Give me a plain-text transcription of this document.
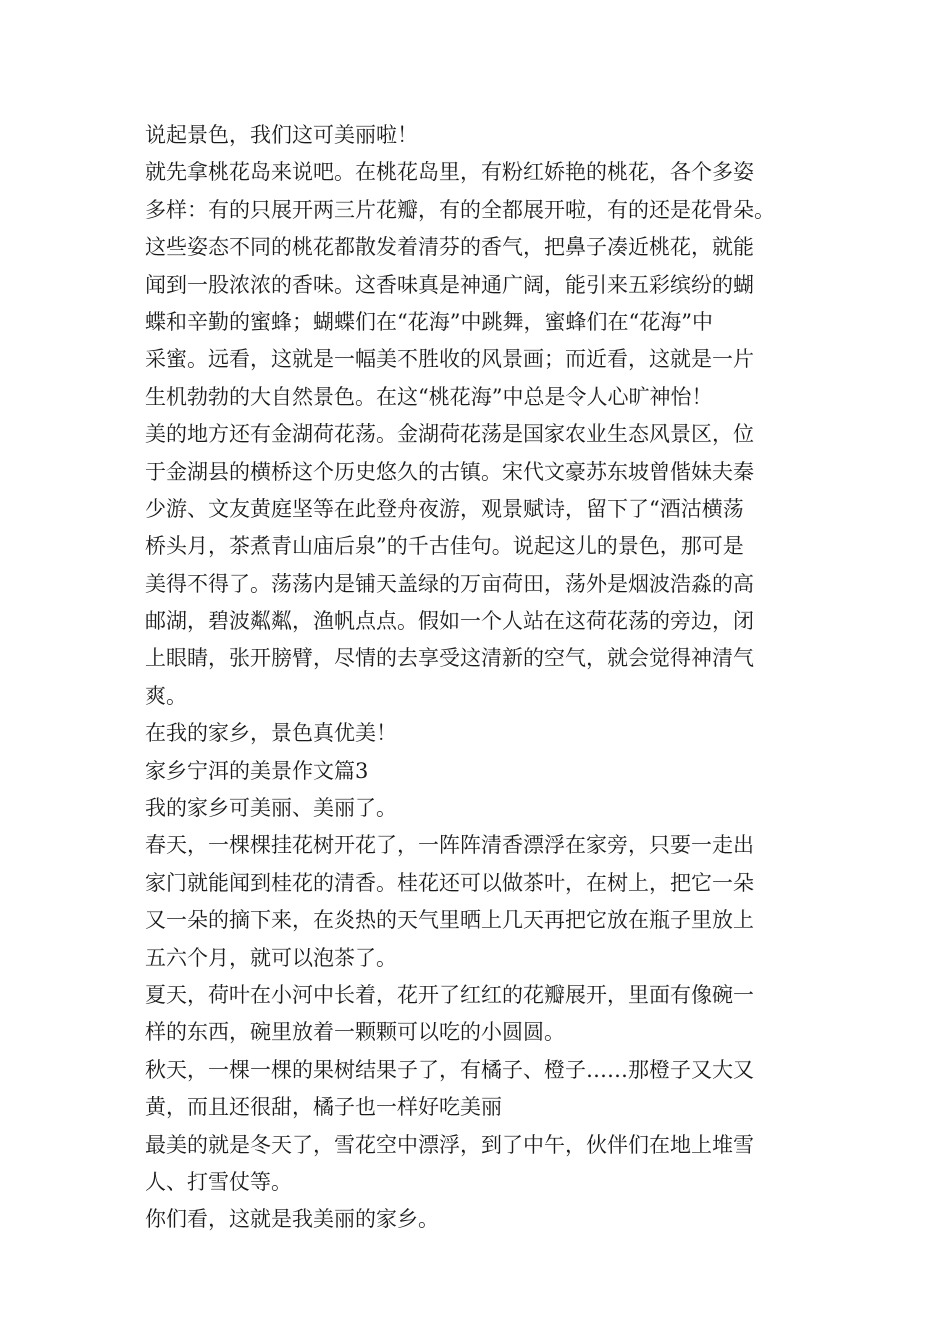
说起景色，我们这可美丽啦！
就先拿桃花岛来说吧。在桃花岛里，有粉红娇艳的桃花，各个多姿
多样：有的只展开两三片花瓣，有的全都展开啦，有的还是花骨朵。
这些姿态不同的桃花都散发着清芬的香气，把鼻子凑近桃花，就能
闻到一股浓浓的香味。这香味真是神通广阔，能引来五彩缤纷的蝴
蝶和辛勤的蜜蜂；蝴蝶们在“花海”中跳舞，蜜蜂们在“花海”中
采蜜。远看，这就是一幅美不胜收的风景画；而近看，这就是一片
生机勃勃的大自然景色。在这“桃花海”中总是令人心旷神怡！
美的地方还有金湖荷花荡。金湖荷花荡是国家农业生态风景区，位
于金湖县的横桥这个历史悠久的古镇。宋代文豪苏东坡曾偕妹夫秦
少游、文友黄庭坚等在此登舟夜游，观景赋诗，留下了“酒沽横荡
桥头月，茶煮青山庙后泉”的千古佳句。说起这儿的景色，那可是
美得不得了。荡荡内是铺天盖绿的万亩荷田，荡外是烟波浩淼的高
邮湖，碧波粼粼，渔帆点点。假如一个人站在这荷花荡的旁边，闭
上眼睛，张开膀臂，尽情的去享受这清新的空气，就会觉得神清气
爽。
在我的家乡，景色真优美！
家乡宁洱的美景作文篇3
我的家乡可美丽、美丽了。
春天，一棵棵挂花树开花了，一阵阵清香漂浮在家旁，只要一走出
家门就能闻到桂花的清香。桂花还可以做茶叶，在树上，把它一朵
又一朵的摘下来，在炎热的天气里晒上几天再把它放在瓶子里放上
五六个月，就可以泡茶了。
夏天，荷叶在小河中长着，花开了红红的花瓣展开，里面有像碗一
样的东西，碗里放着一颗颗可以吃的小圆圆。
秋天，一棵一棵的果树结果子了，有橘子、橙子……那橙子又大又
黄，而且还很甜，橘子也一样好吃美丽
最美的就是冬天了，雪花空中漂浮，到了中午，伙伴们在地上堆雪
人、打雪仗等。
你们看，这就是我美丽的家乡。
